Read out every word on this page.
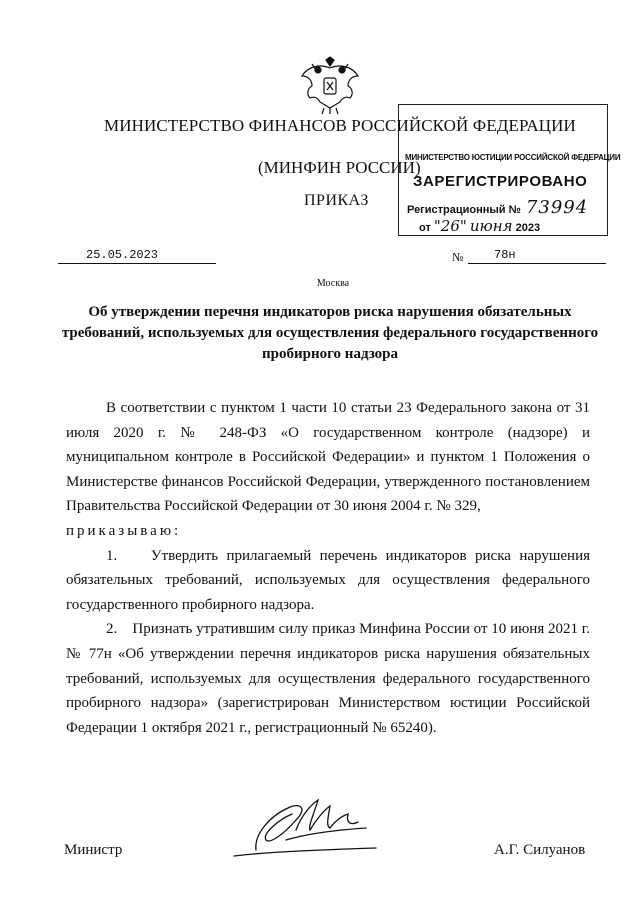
МИНИСТЕРСТВО ФИНАНСОВ РОССИЙСКОЙ ФЕДЕРАЦИИ
(МИНФИН РОССИИ)
ПРИКАЗ
МИНИСТЕРСТВО ЮСТИЦИИ РОССИЙСКОЙ ФЕДЕРАЦИИ
ЗАРЕГИСТРИРОВАНО
Регистрационный № 73994
от "26" июня 2023
25.05.2023	№	78н
Москва
Об утверждении перечня индикаторов риска нарушения обязательных требований, используемых для осуществления федерального государственного пробирного надзора

В соответствии с пунктом 1 части 10 статьи 23 Федерального закона от 31 июля 2020 г. № 248-ФЗ «О государственном контроле (надзоре) и муниципальном контроле в Российской Федерации» и пунктом 1 Положения о Министерстве финансов Российской Федерации, утвержденного постановлением Правительства Российской Федерации от 30 июня 2004 г. № 329,

приказываю:

1.    Утвердить прилагаемый перечень индикаторов риска нарушения обязательных требований, используемых для осуществления федерального государственного пробирного надзора.

2.    Признать утратившим силу приказ Минфина России от 10 июня 2021 г. № 77н «Об утверждении перечня индикаторов риска нарушения обязательных требований, используемых для осуществления федерального государственного пробирного надзора» (зарегистрирован Министерством юстиции Российской Федерации 1 октября 2021 г., регистрационный № 65240).

Министр	А.Г. Силуанов
